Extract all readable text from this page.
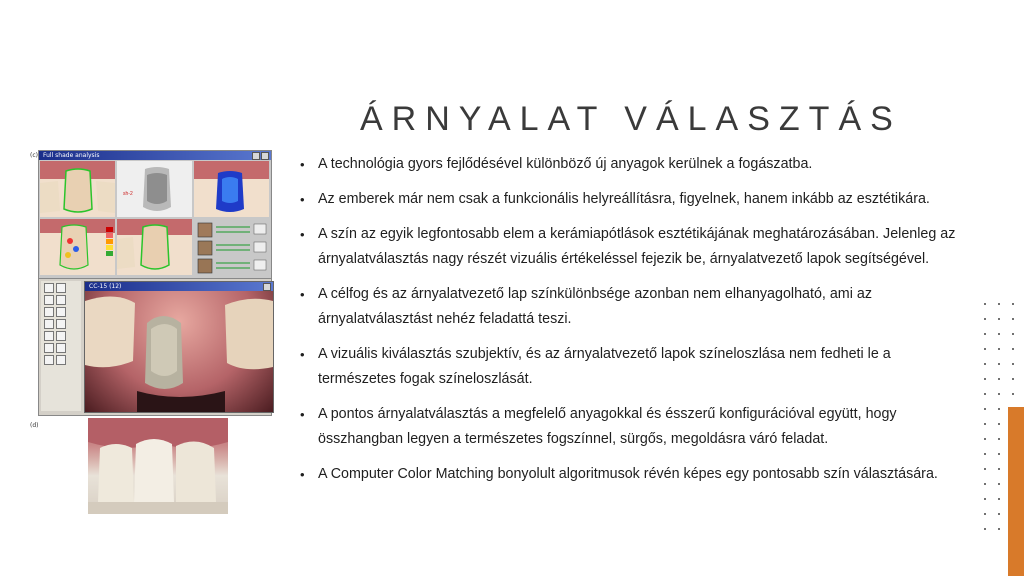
ÁRNYALAT VÁLASZTÁS
• A technológia gyors fejlődésével különböző új anyagok kerülnek a fogászatba.
• Az emberek már nem csak a funkcionális helyreállításra, figyelnek, hanem inkább az esztétikára.
• A szín az egyik legfontosabb elem a kerámiapótlások esztétikájának meghatározásában. Jelenleg az árnyalatválasztás nagy részét vizuális értékeléssel fejezik be, árnyalatvezető lapok segítségével.
• A célfog és az árnyalatvezető lap színkülönbsége azonban nem elhanyagolható, ami az árnyalatválasztást nehéz feladattá teszi.
• A vizuális kiválasztás szubjektív, és az árnyalatvezető lapok színeloszlása nem fedheti le a természetes fogak színeloszlását.
• A pontos árnyalatválasztás a megfelelő anyagokkal és ésszerű konfigurációval együtt, hogy összhangban legyen a természetes fogszínnel, sürgős, megoldásra váró feladat.
• A Computer Color Matching bonyolult algoritmusok révén képes egy pontosabb szín választására.
(c) Full shade analysis
sh-2
CC-15 (12)
(d)
